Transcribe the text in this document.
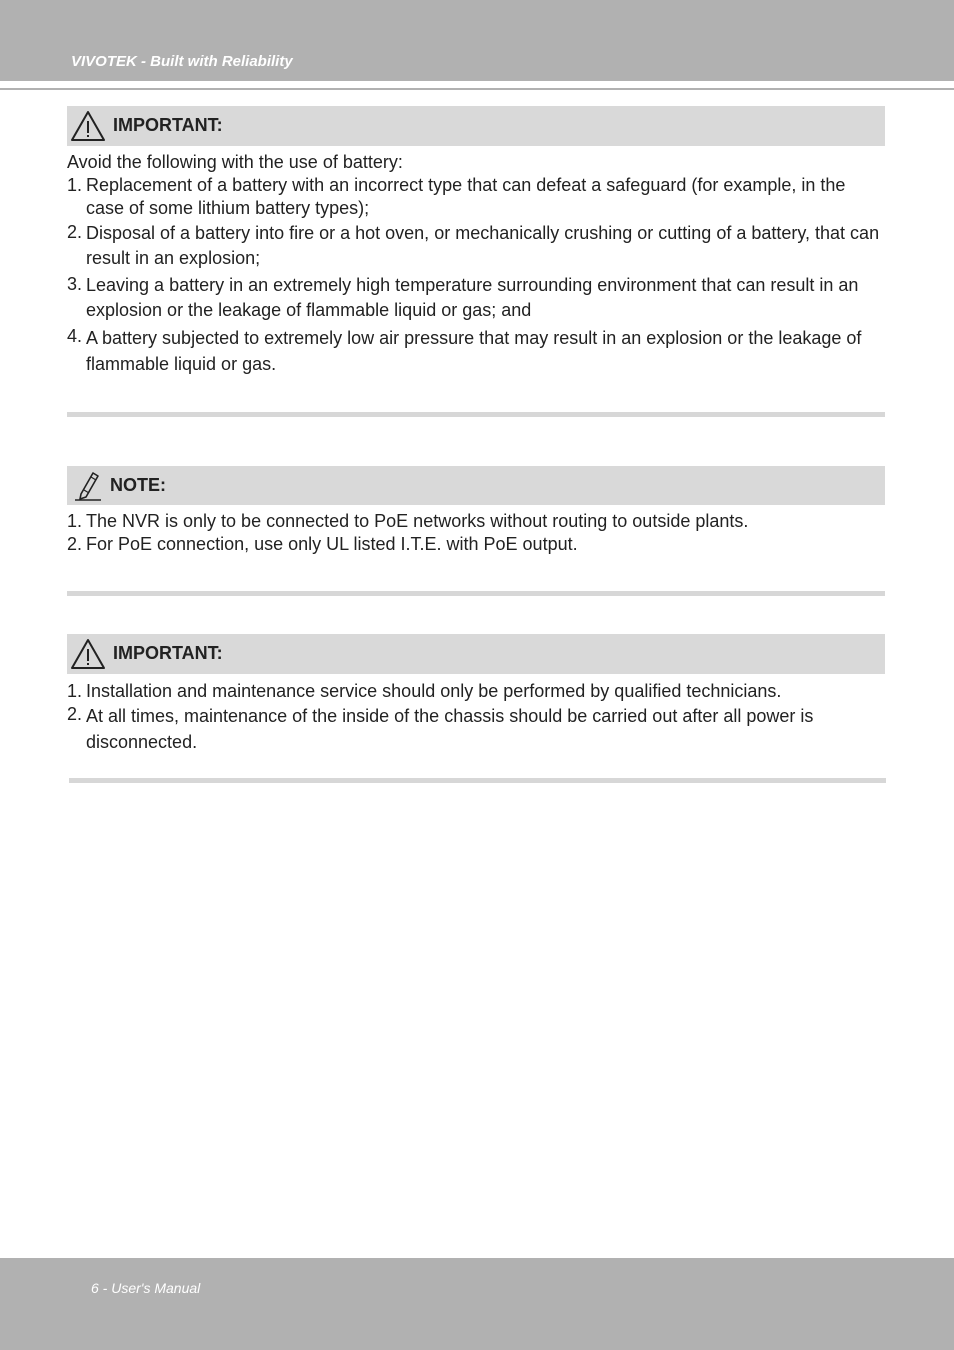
VIVOTEK - Built with Reliability
IMPORTANT:

Avoid the following with the use of battery:

1. Replacement of a battery with an incorrect type that can defeat a safeguard (for example, in the case of some lithium battery types);
2. Disposal of a battery into fire or a hot oven, or mechanically crushing or cutting of a battery, that can result in an explosion;
3. Leaving a battery in an extremely high temperature surrounding environment that can result in an explosion or the leakage of flammable liquid or gas; and
4. A battery subjected to extremely low air pressure that may result in an explosion or the leakage of flammable liquid or gas.
NOTE:
1. The NVR is only to be connected to PoE networks without routing to outside plants.
2. For PoE connection, use only UL listed I.T.E. with PoE output.
IMPORTANT:
1. Installation and maintenance service should only be performed by qualified technicians.
2. At all times, maintenance of the inside of the chassis should be carried out after all power is disconnected.
6 - User's Manual
